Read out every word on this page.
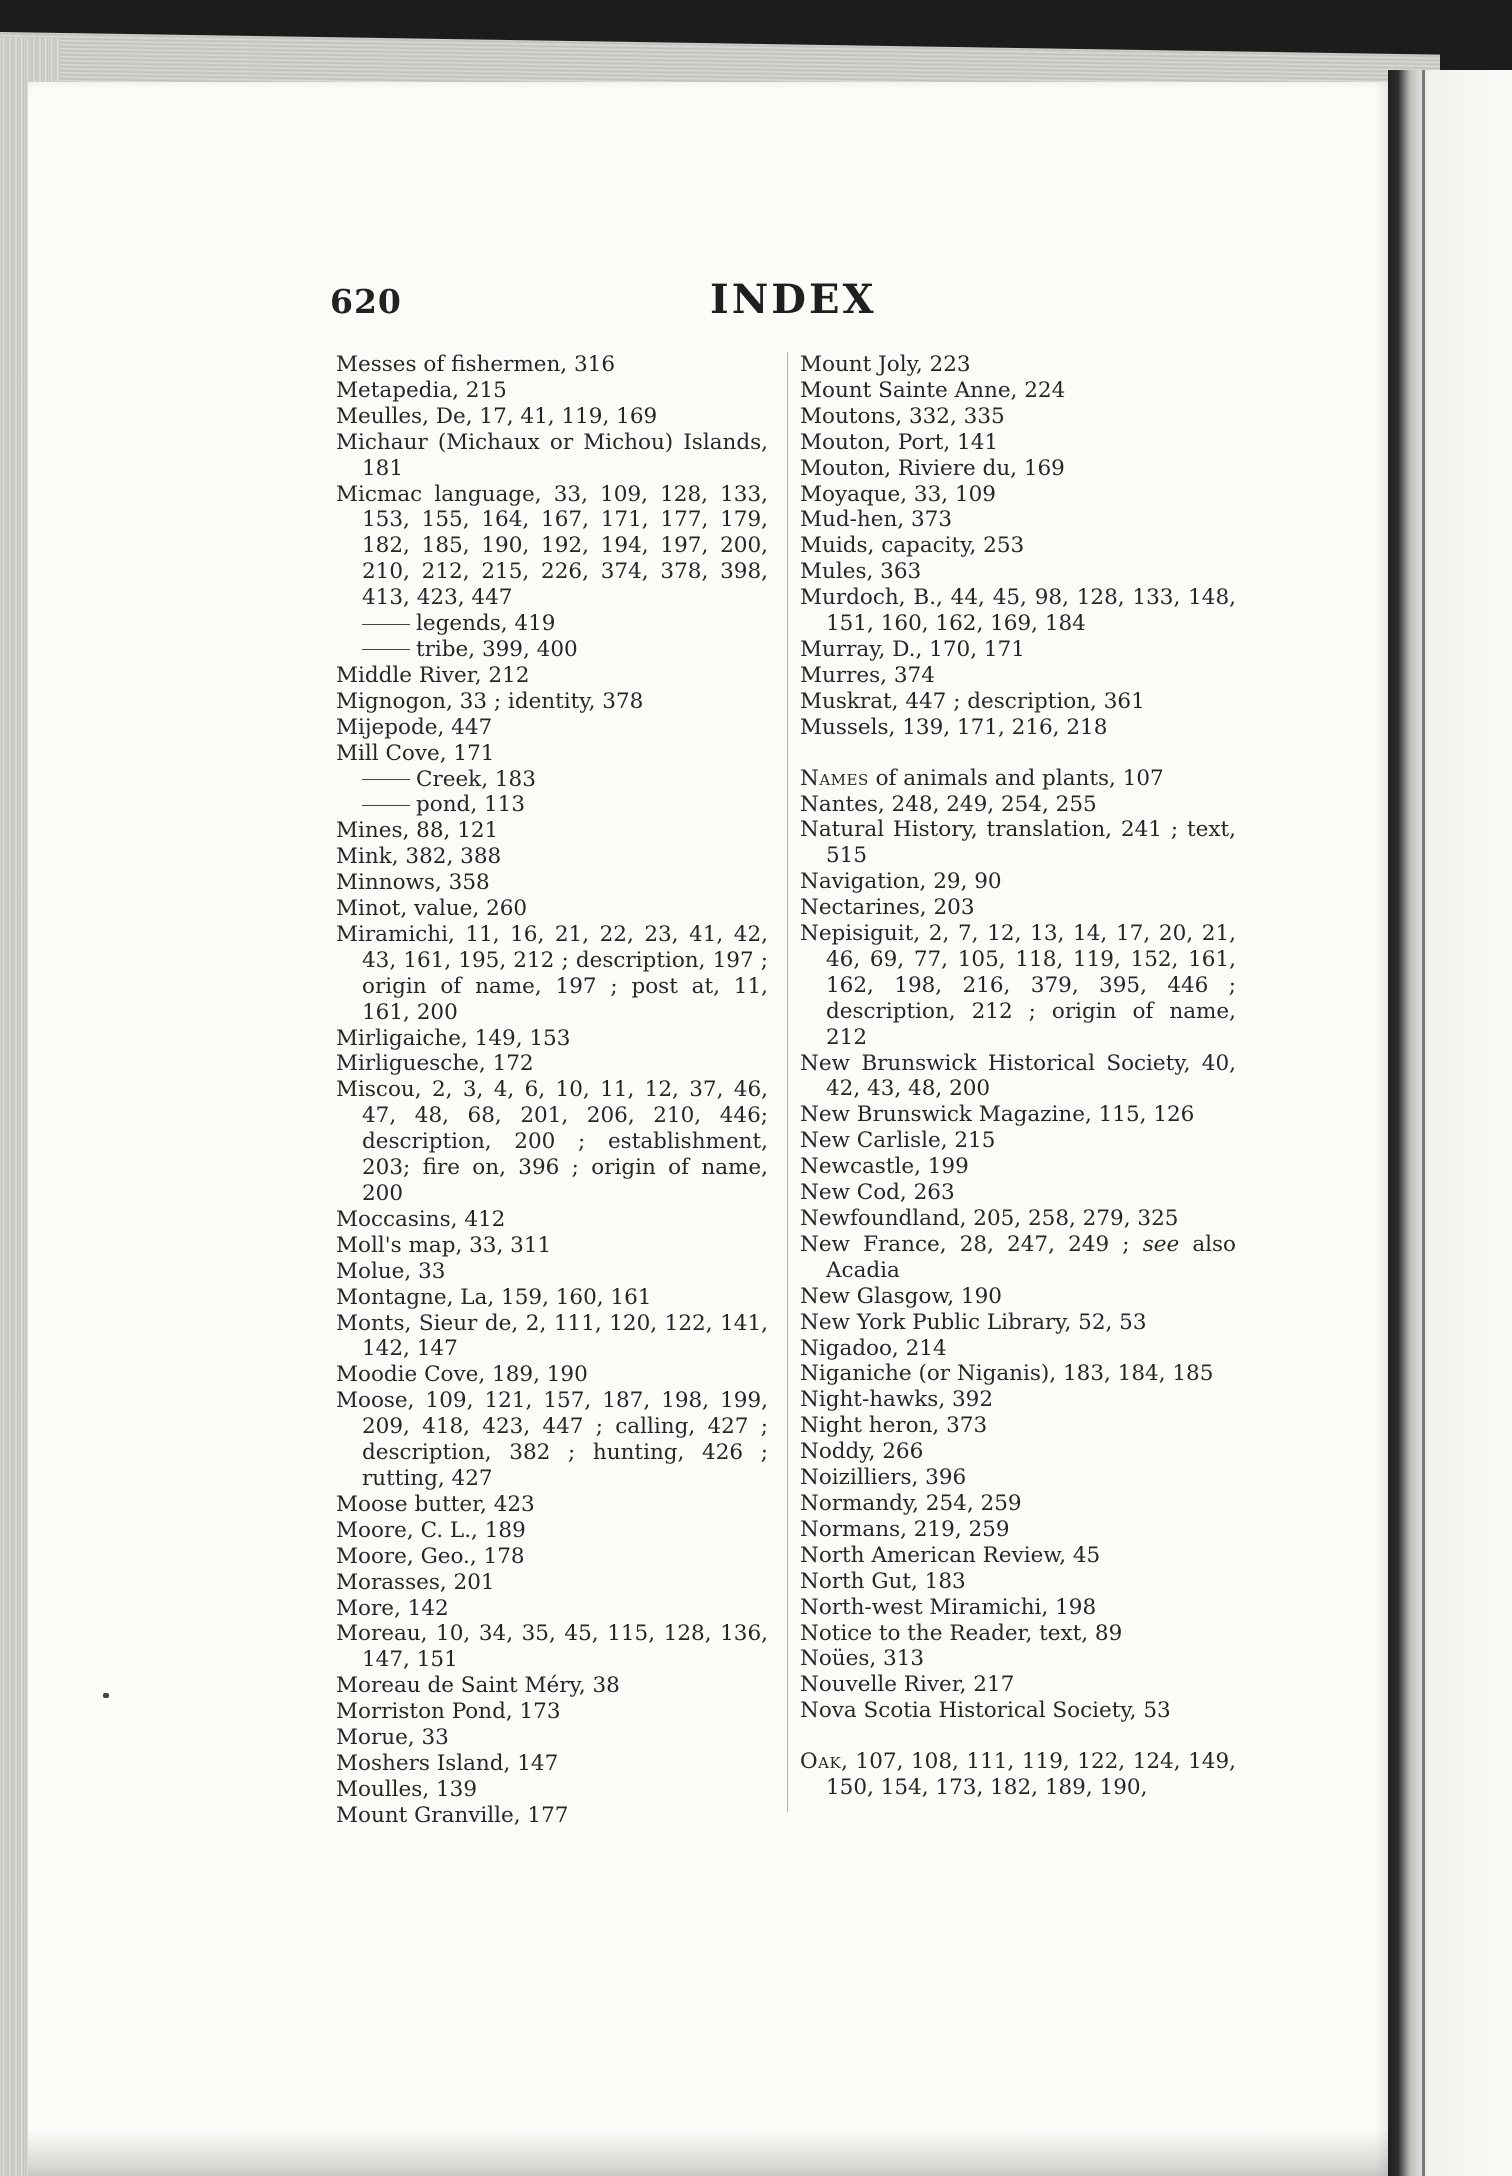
620	INDEX

Messes of fishermen, 316

Metapedia, 215

Meulles, De, 17, 41, 119, 169

Michaur (Michaux or Michou) Islands, 181

Micmac language, 33, 109, 128, 133, 153, 155, 164, 167, 171, 177, 179, 182, 185, 190, 192, 194, 197, 200, 210, 212, 215, 226, 374, 378, 398, 413, 423, 447

legends, 419

tribe, 399, 400

Middle River, 212

Mignogon, 33 ; identity, 378

Mijepode, 447

Mill Cove, 171

Creek, 183

pond, 113

Mines, 88, 121

Mink, 382, 388

Minnows, 358

Minot, value, 260

Miramichi, 11, 16, 21, 22, 23, 41, 42, 43, 161, 195, 212 ; description, 197 ; origin of name, 197 ; post at, 11, 161, 200

Mirligaiche, 149, 153

Mirliguesche, 172

Miscou, 2, 3, 4, 6, 10, 11, 12, 37, 46, 47, 48, 68, 201, 206, 210, 446; description, 200 ; establishment, 203; fire on, 396 ; origin of name, 200

Moccasins, 412

Moll's map, 33, 311

Molue, 33

Montagne, La, 159, 160, 161

Monts, Sieur de, 2, 111, 120, 122, 141, 142, 147

Moodie Cove, 189, 190

Moose, 109, 121, 157, 187, 198, 199, 209, 418, 423, 447 ; calling, 427 ; description, 382 ; hunting, 426 ; rutting, 427

Moose butter, 423

Moore, C. L., 189

Moore, Geo., 178

Morasses, 201

More, 142

Moreau, 10, 34, 35, 45, 115, 128, 136, 147, 151

Moreau de Saint Méry, 38

Morriston Pond, 173

Morue, 33

Moshers Island, 147

Moulles, 139

Mount Granville, 177

Mount Joly, 223

Mount Sainte Anne, 224

Moutons, 332, 335

Mouton, Port, 141

Mouton, Riviere du, 169

Moyaque, 33, 109

Mud-hen, 373

Muids, capacity, 253

Mules, 363

Murdoch, B., 44, 45, 98, 128, 133, 148, 151, 160, 162, 169, 184

Murray, D., 170, 171

Murres, 374

Muskrat, 447 ; description, 361

Mussels, 139, 171, 216, 218

Names of animals and plants, 107

Nantes, 248, 249, 254, 255

Natural History, translation, 241 ; text, 515

Navigation, 29, 90

Nectarines, 203

Nepisiguit, 2, 7, 12, 13, 14, 17, 20, 21, 46, 69, 77, 105, 118, 119, 152, 161, 162, 198, 216, 379, 395, 446 ; description, 212 ; origin of name, 212

New Brunswick Historical Society, 40, 42, 43, 48, 200

New Brunswick Magazine, 115, 126

New Carlisle, 215

Newcastle, 199

New Cod, 263

Newfoundland, 205, 258, 279, 325

New France, 28, 247, 249 ; see also Acadia

New Glasgow, 190

New York Public Library, 52, 53

Nigadoo, 214

Niganiche (or Niganis), 183, 184, 185

Night-hawks, 392

Night heron, 373

Noddy, 266

Noizilliers, 396

Normandy, 254, 259

Normans, 219, 259

North American Review, 45

North Gut, 183

North-west Miramichi, 198

Notice to the Reader, text, 89

Noües, 313

Nouvelle River, 217

Nova Scotia Historical Society, 53

Oak, 107, 108, 111, 119, 122, 124, 149, 150, 154, 173, 182, 189, 190,
